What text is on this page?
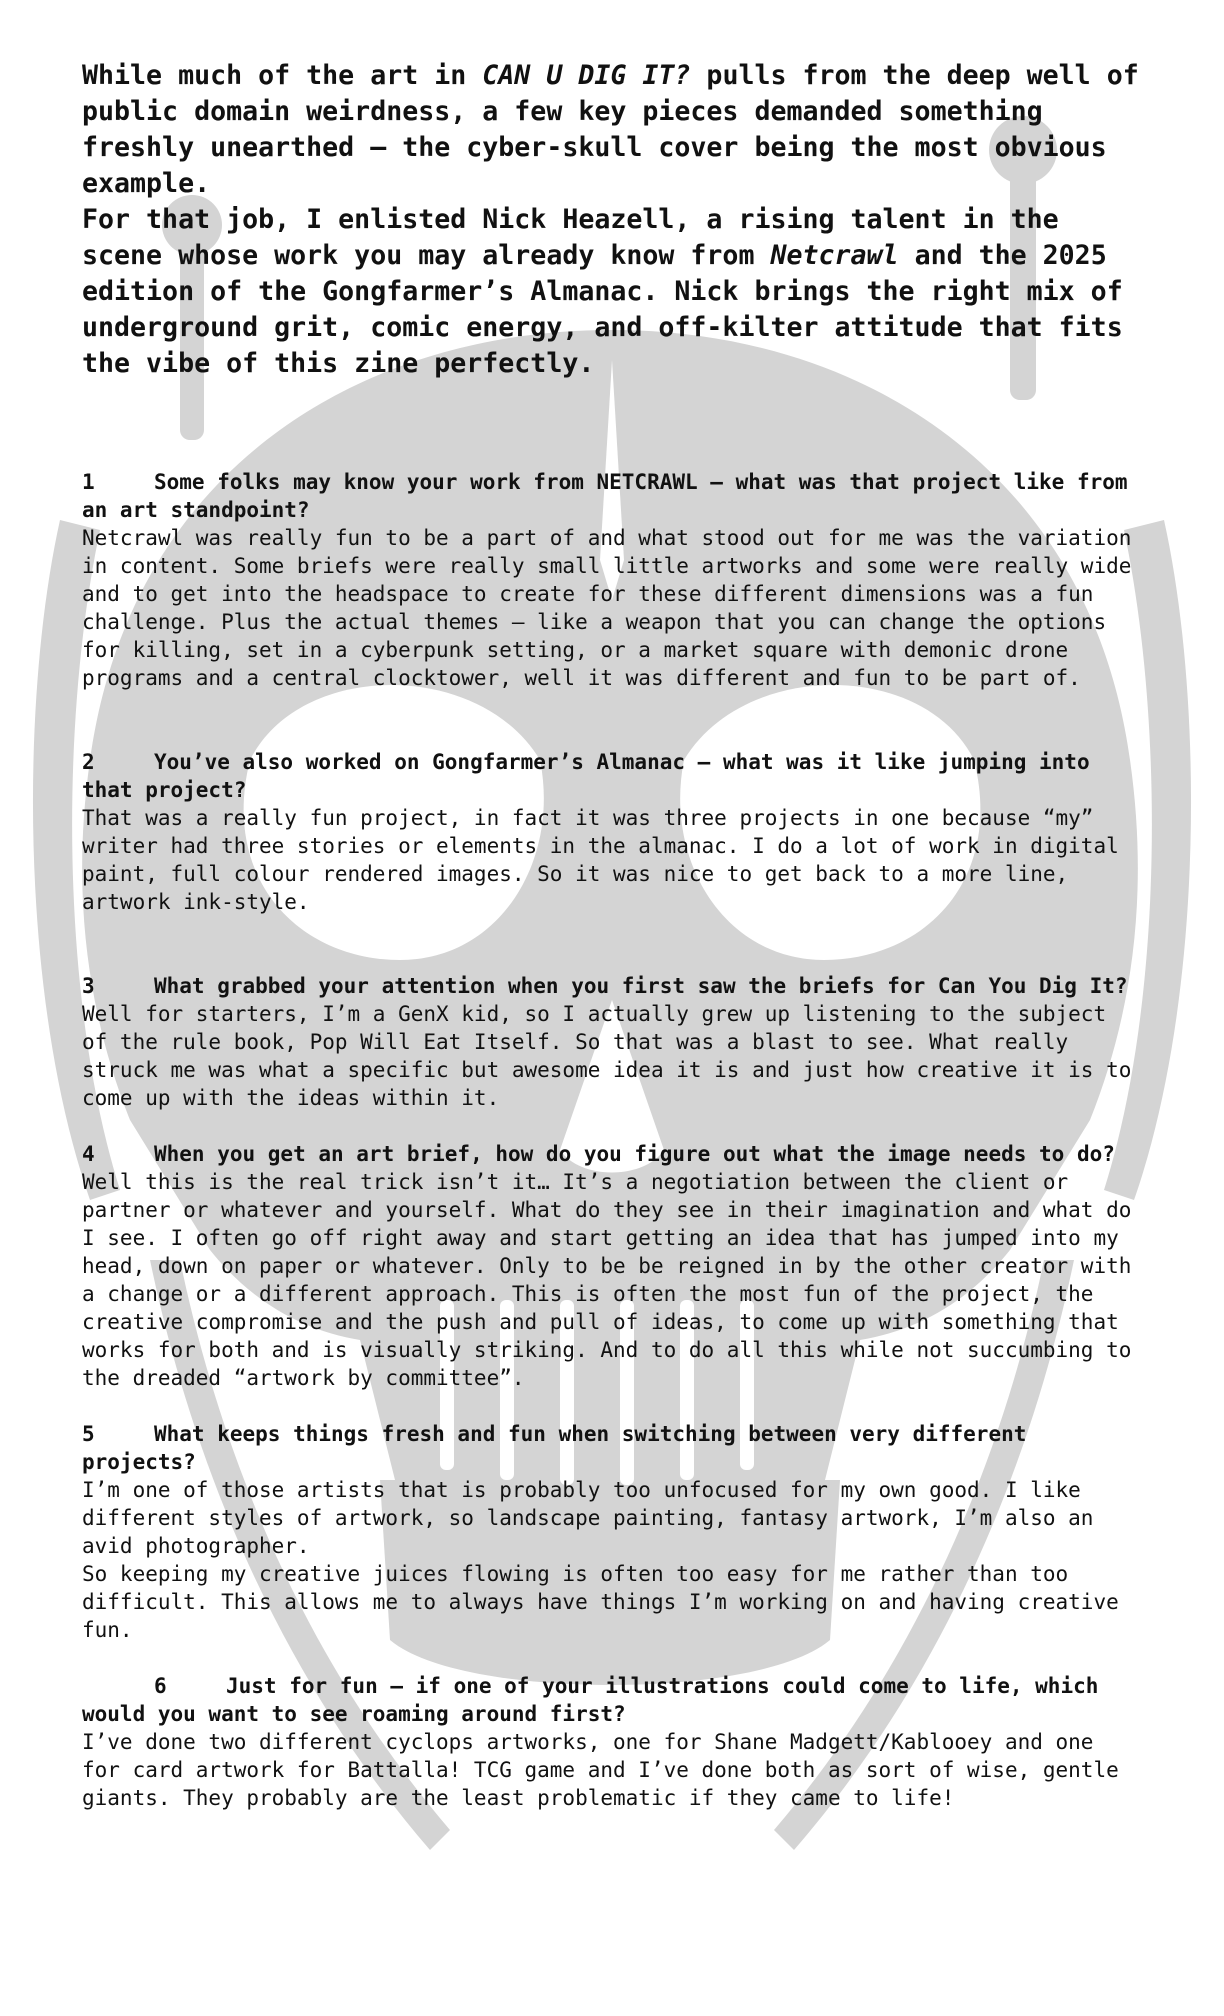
While much of the art in CAN U DIG IT? pulls from the deep well of public domain weirdness, a few key pieces demanded something freshly unearthed — the cyber-skull cover being the most obvious example.

For that job, I enlisted Nick Heazell, a rising talent in the scene whose work you may already know from Netcrawl and the 2025 edition of the Gongfarmer’s Almanac. Nick brings the right mix of underground grit, comic energy, and off-kilter attitude that fits the vibe of this zine perfectly.

1	Some folks may know your work from NETCRAWL — what was that project like from an art standpoint?

Netcrawl was really fun to be a part of and what stood out for me was the variation in content. Some briefs were really small little artworks and some were really wide and to get into the headspace to create for these different dimensions was a fun challenge. Plus the actual themes – like a weapon that you can change the options for killing, set in a cyberpunk setting, or a market square with demonic drone programs and a central clocktower, well it was different and fun to be part of.

2	You’ve also worked on Gongfarmer’s Almanac — what was it like jumping into that project?

That was a really fun project, in fact it was three projects in one because “my” writer had three stories or elements in the almanac. I do a lot of work in digital paint, full colour rendered images. So it was nice to get back to a more line, artwork ink-style.

3	What grabbed your attention when you first saw the briefs for Can You Dig It?

Well for starters, I’m a GenX kid, so I actually grew up listening to the subject of the rule book, Pop Will Eat Itself. So that was a blast to see. What really struck me was what a specific but awesome idea it is and just how creative it is to come up with the ideas within it.

4	When you get an art brief, how do you figure out what the image needs to do?

Well this is the real trick isn’t it… It’s a negotiation between the client or partner or whatever and yourself. What do they see in their imagination and what do I see. I often go off right away and start getting an idea that has jumped into my head, down on paper or whatever. Only to be be reigned in by the other creator with a change or a different approach. This is often the most fun of the project, the creative compromise and the push and pull of ideas, to come up with something that works for both and is visually striking. And to do all this while not succumbing to the dreaded “artwork by committee”.

5	What keeps things fresh and fun when switching between very different projects?

I’m one of those artists that is probably too unfocused for my own good. I like different styles of artwork, so landscape painting, fantasy artwork, I’m also an avid photographer.

So keeping my creative juices flowing is often too easy for me rather than too difficult. This allows me to always have things I’m working on and having creative fun.

6	Just for fun — if one of your illustrations could come to life, which would you want to see roaming around first?

I’ve done two different cyclops artworks, one for Shane Madgett/Kablooey and one for card artwork for Battalla! TCG game and I’ve done both as sort of wise, gentle giants. They probably are the least problematic if they came to life!
